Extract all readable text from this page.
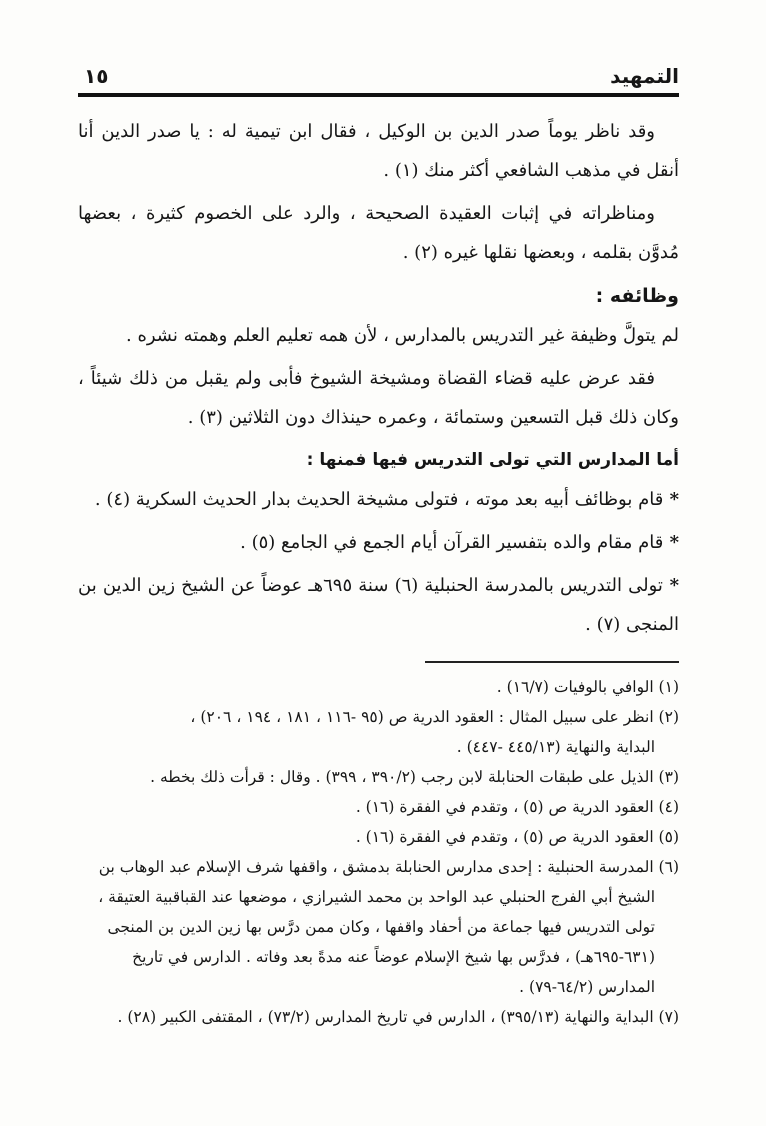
التمهيد
١٥

وقد ناظر يوماً صدر الدين بن الوكيل ، فقال ابن تيمية له : يا صدر الدين أنا أنقل في مذهب الشافعي أكثر منك (١) .

ومناظراته في إثبات العقيدة الصحيحة ، والرد على الخصوم كثيرة ، بعضها مُدوَّن بقلمه ، وبعضها نقلها غيره (٢) .

وظائفه :

لم يتولَّ وظيفة غير التدريس بالمدارس ، لأن همه تعليم العلم وهمته نشره .

فقد عرض عليه قضاء القضاة ومشيخة الشيوخ فأبى ولم يقبل من ذلك شيئاً ، وكان ذلك قبل التسعين وستمائة ، وعمره حينذاك دون الثلاثين (٣) .

أما المدارس التي تولى التدريس فيها فمنها :

* قام بوظائف أبيه بعد موته ، فتولى مشيخة الحديث بدار الحديث السكرية (٤) .

* قام مقام والده بتفسير القرآن أيام الجمع في الجامع (٥) .

* تولى التدريس بالمدرسة الحنبلية (٦) سنة ٦٩٥هـ عوضاً عن الشيخ زين الدين بن المنجى (٧) .

(١) الوافي بالوفيات (١٦/٧) .

(٢) انظر على سبيل المثال : العقود الدرية ص (٩٥ -١١٦ ، ١٨١ ، ١٩٤ ، ٢٠٦) ،

البداية والنهاية (٤٤٥/١٣ -٤٤٧) .

(٣) الذيل على طبقات الحنابلة لابن رجب (٣٩٠/٢ ، ٣٩٩) . وقال : قرأت ذلك بخطه .

(٤) العقود الدرية ص (٥) ، وتقدم في الفقرة (١٦) .

(٥) العقود الدرية ص (٥) ، وتقدم في الفقرة (١٦) .

(٦) المدرسة الحنبلية : إحدى مدارس الحنابلة بدمشق ، واقفها شرف الإسلام عبد الوهاب بن

الشيخ أبي الفرج الحنبلي عبد الواحد بن محمد الشيرازي ، موضعها عند القباقبية العتيقة ،

تولى التدريس فيها جماعة من أحفاد واقفها ، وكان ممن درَّس بها زين الدين بن المنجى

(٦٣١-٦٩٥هـ) ، فدرَّس بها شيخ الإسلام عوضاً عنه مدةً بعد وفاته . الدارس في تاريخ

المدارس (٦٤/٢-٧٩) .

(٧) البداية والنهاية (٣٩٥/١٣) ، الدارس في تاريخ المدارس (٧٣/٢) ، المقتفى الكبير (٢٨) .
